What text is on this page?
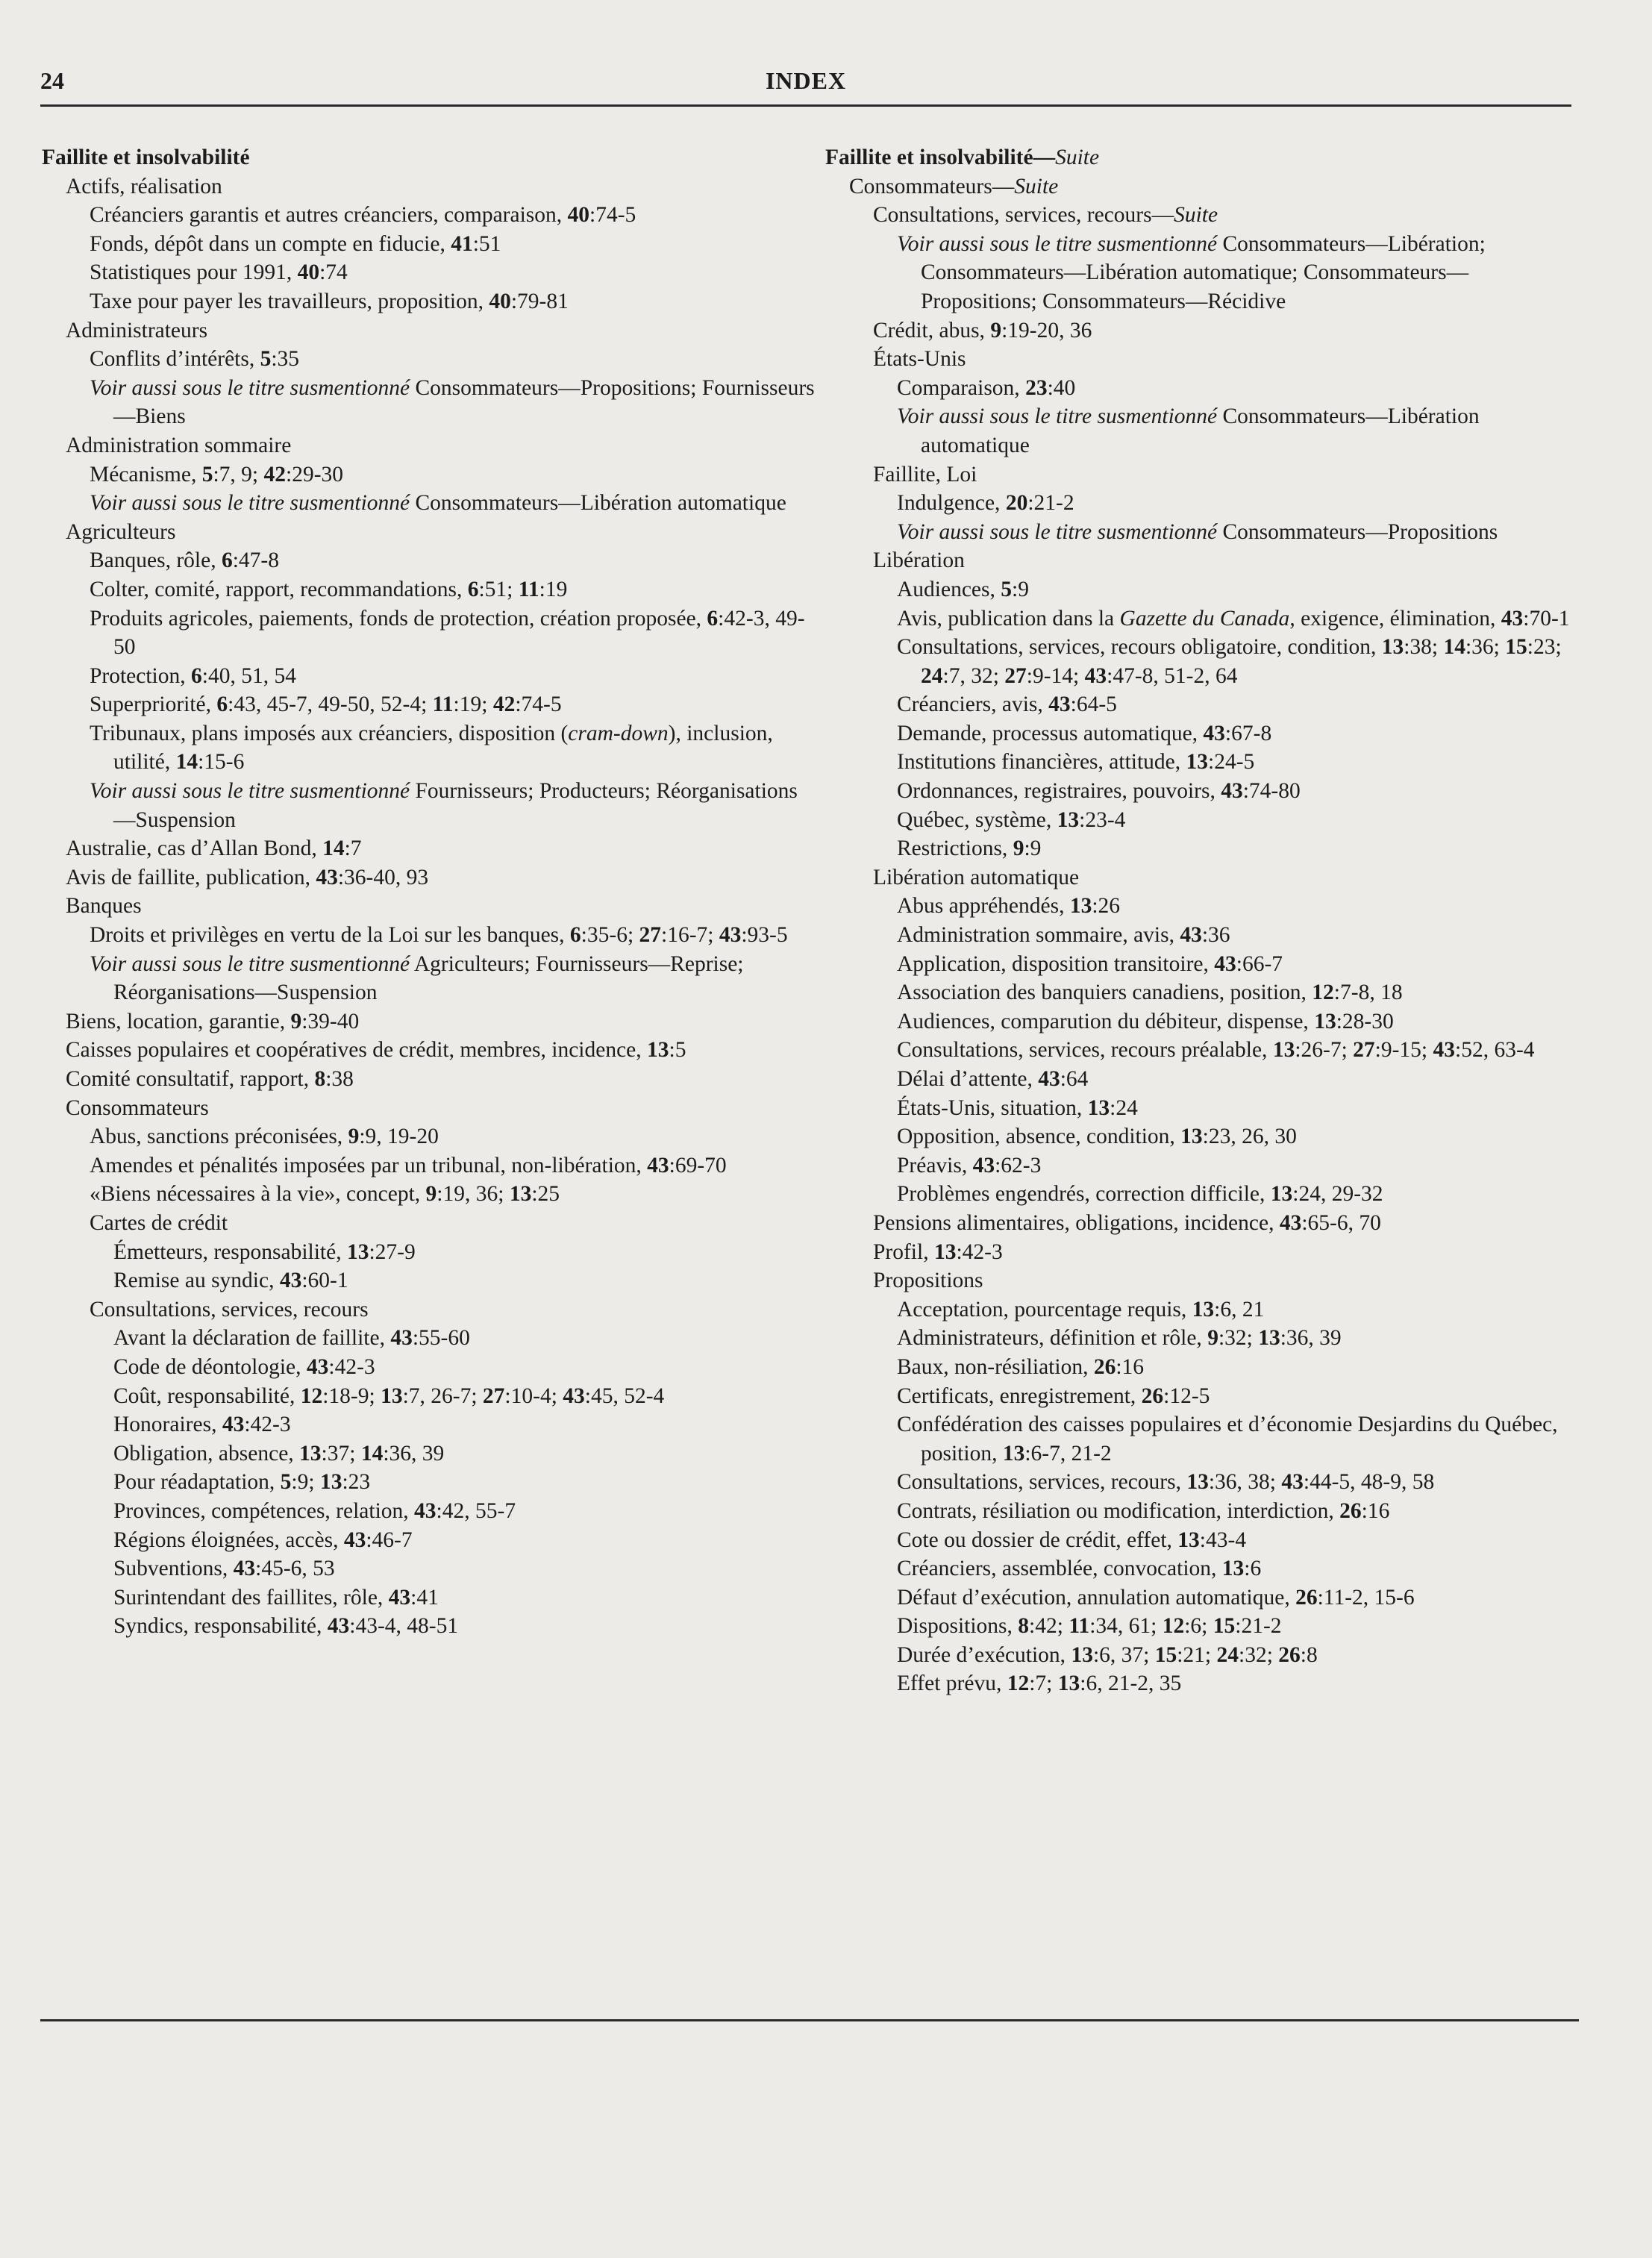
24	INDEX

Faillite et insolvabilité

Actifs, réalisation

Créanciers garantis et autres créanciers, comparaison, 40:74-5

Fonds, dépôt dans un compte en fiducie, 41:51

Statistiques pour 1991, 40:74

Taxe pour payer les travailleurs, proposition, 40:79-81

Administrateurs

Conflits d’intérêts, 5:35

Voir aussi sous le titre susmentionné Consommateurs—Propositions; Fournisseurs—Biens

Administration sommaire

Mécanisme, 5:7, 9; 42:29-30

Voir aussi sous le titre susmentionné Consommateurs—Libération automatique

Agriculteurs

Banques, rôle, 6:47-8

Colter, comité, rapport, recommandations, 6:51; 11:19

Produits agricoles, paiements, fonds de protection, création proposée, 6:42-3, 49-50

Protection, 6:40, 51, 54

Superpriorité, 6:43, 45-7, 49-50, 52-4; 11:19; 42:74-5

Tribunaux, plans imposés aux créanciers, disposition (cram-down), inclusion, utilité, 14:15-6

Voir aussi sous le titre susmentionné Fournisseurs; Producteurs; Réorganisations—Suspension

Australie, cas d’Allan Bond, 14:7

Avis de faillite, publication, 43:36-40, 93

Banques

Droits et privilèges en vertu de la Loi sur les banques, 6:35-6; 27:16-7; 43:93-5

Voir aussi sous le titre susmentionné Agriculteurs; Fournisseurs—Reprise; Réorganisations—Suspension

Biens, location, garantie, 9:39-40

Caisses populaires et coopératives de crédit, membres, incidence, 13:5

Comité consultatif, rapport, 8:38

Consommateurs

Abus, sanctions préconisées, 9:9, 19-20

Amendes et pénalités imposées par un tribunal, non-libération, 43:69-70

«Biens nécessaires à la vie», concept, 9:19, 36; 13:25

Cartes de crédit

Émetteurs, responsabilité, 13:27-9

Remise au syndic, 43:60-1

Consultations, services, recours

Avant la déclaration de faillite, 43:55-60

Code de déontologie, 43:42-3

Coût, responsabilité, 12:18-9; 13:7, 26-7; 27:10-4; 43:45, 52-4

Honoraires, 43:42-3

Obligation, absence, 13:37; 14:36, 39

Pour réadaptation, 5:9; 13:23

Provinces, compétences, relation, 43:42, 55-7

Régions éloignées, accès, 43:46-7

Subventions, 43:45-6, 53

Surintendant des faillites, rôle, 43:41

Syndics, responsabilité, 43:43-4, 48-51

Faillite et insolvabilité—Suite

Consommateurs—Suite

Consultations, services, recours—Suite

Voir aussi sous le titre susmentionné Consommateurs—Libération; Consommateurs—Libération automatique; Consommateurs—Propositions; Consommateurs—Récidive

Crédit, abus, 9:19-20, 36

États-Unis

Comparaison, 23:40

Voir aussi sous le titre susmentionné Consommateurs—Libération automatique

Faillite, Loi

Indulgence, 20:21-2

Voir aussi sous le titre susmentionné Consommateurs—Propositions

Libération

Audiences, 5:9

Avis, publication dans la Gazette du Canada, exigence, élimination, 43:70-1

Consultations, services, recours obligatoire, condition, 13:38; 14:36; 15:23; 24:7, 32; 27:9-14; 43:47-8, 51-2, 64

Créanciers, avis, 43:64-5

Demande, processus automatique, 43:67-8

Institutions financières, attitude, 13:24-5

Ordonnances, registraires, pouvoirs, 43:74-80

Québec, système, 13:23-4

Restrictions, 9:9

Libération automatique

Abus appréhendés, 13:26

Administration sommaire, avis, 43:36

Application, disposition transitoire, 43:66-7

Association des banquiers canadiens, position, 12:7-8, 18

Audiences, comparution du débiteur, dispense, 13:28-30

Consultations, services, recours préalable, 13:26-7; 27:9-15; 43:52, 63-4

Délai d’attente, 43:64

États-Unis, situation, 13:24

Opposition, absence, condition, 13:23, 26, 30

Préavis, 43:62-3

Problèmes engendrés, correction difficile, 13:24, 29-32

Pensions alimentaires, obligations, incidence, 43:65-6, 70

Profil, 13:42-3

Propositions

Acceptation, pourcentage requis, 13:6, 21

Administrateurs, définition et rôle, 9:32; 13:36, 39

Baux, non-résiliation, 26:16

Certificats, enregistrement, 26:12-5

Confédération des caisses populaires et d’économie Desjardins du Québec, position, 13:6-7, 21-2

Consultations, services, recours, 13:36, 38; 43:44-5, 48-9, 58

Contrats, résiliation ou modification, interdiction, 26:16

Cote ou dossier de crédit, effet, 13:43-4

Créanciers, assemblée, convocation, 13:6

Défaut d’exécution, annulation automatique, 26:11-2, 15-6

Dispositions, 8:42; 11:34, 61; 12:6; 15:21-2

Durée d’exécution, 13:6, 37; 15:21; 24:32; 26:8

Effet prévu, 12:7; 13:6, 21-2, 35
